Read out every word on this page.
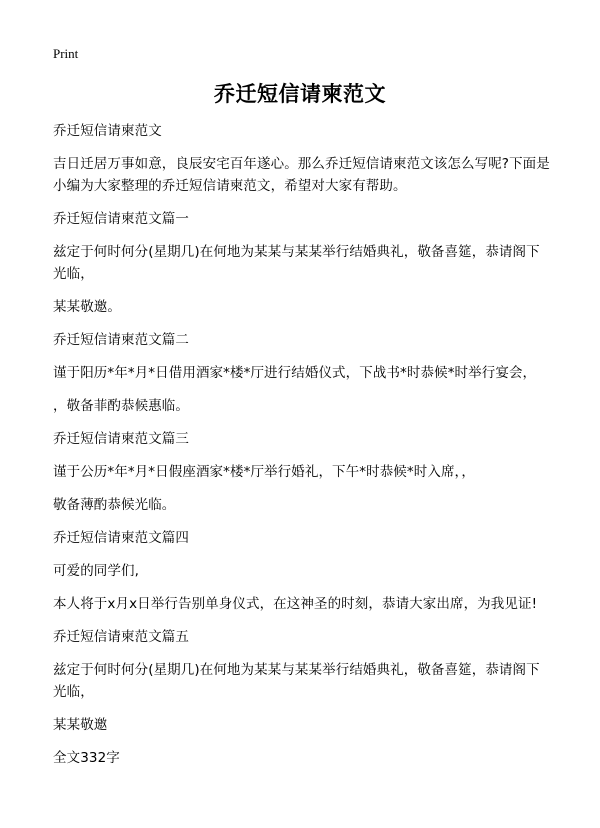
Print
乔迁短信请柬范文

乔迁短信请柬范文

吉日迁居万事如意，良辰安宅百年遂心。那么乔迁短信请柬范文该怎么写呢?下面是小编为大家整理的乔迁短信请柬范文，希望对大家有帮助。

乔迁短信请柬范文篇一

兹定于何时何分(星期几)在何地为某某与某某举行结婚典礼，敬备喜筵，恭请阁下光临，

某某敬邀。

乔迁短信请柬范文篇二

谨于阳历*年*月*日借用酒家*楼*厅进行结婚仪式，下战书*时恭候*时举行宴会，

，敬备菲酌恭候惠临。

乔迁短信请柬范文篇三

谨于公历*年*月*日假座酒家*楼*厅举行婚礼，下午*时恭候*时入席，，

敬备薄酌恭候光临。

乔迁短信请柬范文篇四

可爱的同学们,

本人将于x月x日举行告别单身仪式，在这神圣的时刻，恭请大家出席，为我见证!

乔迁短信请柬范文篇五

兹定于何时何分(星期几)在何地为某某与某某举行结婚典礼，敬备喜筵，恭请阁下光临，

某某敬邀

全文332字
